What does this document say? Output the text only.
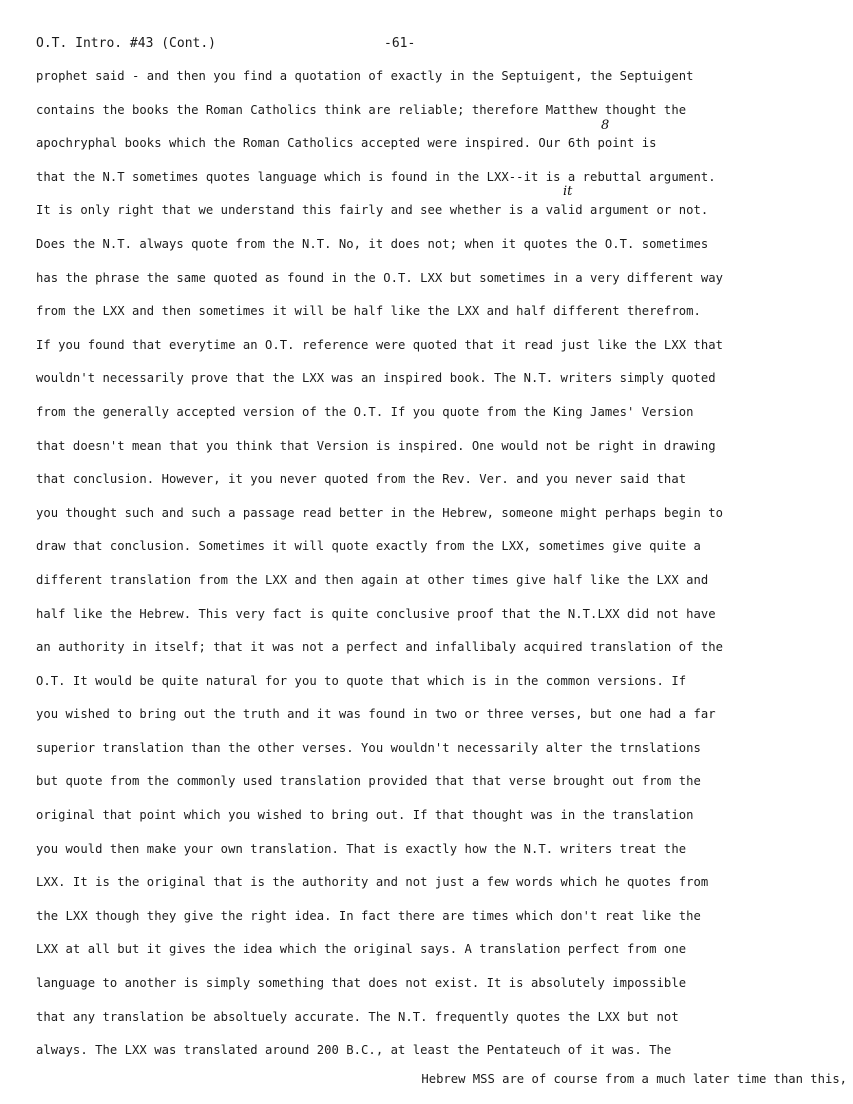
O.T. Intro. #43 (Cont.)	-61-
8
it
prophet said - and then you find a quotation of exactly in the Septuigent, the Septuigent
contains the books the Roman Catholics think are reliable; therefore Matthew thought the
apochryphal books which the Roman Catholics accepted were inspired. Our 6th point is
that the N.T sometimes quotes language which is found in the LXX--it is a rebuttal argument.
It is only right that we understand this fairly and see whether is a valid argument or not.
Does the N.T. always quote from the N.T. No, it does not; when it quotes the O.T. sometimes
has the phrase the same quoted as found in the O.T. LXX but sometimes in a very different way
from the LXX and then sometimes it will be half like the LXX and half different therefrom.
If you found that everytime an O.T. reference were quoted that it read just like the LXX that
wouldn't necessarily prove that the LXX was an inspired book. The N.T. writers simply quoted
from the generally accepted version of the O.T. If you quote from the King James' Version
that doesn't mean that you think that Version is inspired. One would not be right in drawing
that conclusion. However, it you never quoted from the Rev. Ver. and you never said that
you thought such and such a passage read better in the Hebrew, someone might perhaps begin to
draw that conclusion. Sometimes it will quote exactly from the LXX, sometimes give quite a
different translation from the LXX and then again at other times give half like the LXX and
half like the Hebrew. This very fact is quite conclusive proof that the N.T.LXX did not have
an authority in itself; that it was not a perfect and infallibaly acquired translation of the
O.T. It would be quite natural for you to quote that which is in the common versions. If
you wished to bring out the truth and it was found in two or three verses, but one had a far
superior translation than the other verses. You wouldn't necessarily alter the trnslations
but quote from the commonly used translation provided that that verse brought out from the
original that point which you wished to bring out. If that thought was in the translation
you would then make your own translation. That is exactly how the N.T. writers treat the
LXX. It is the original that is the authority and not just a few words which he quotes from
the LXX though they give the right idea. In fact there are times which don't reat like the
LXX at all but it gives the idea which the original says. A translation perfect from one
language to another is simply something that does not exist. It is absolutely impossible
that any translation be absoltuely accurate. The N.T. frequently quotes the LXX but not
always. The LXX was translated around 200 B.C., at least the Pentateuch of it was. The
Hebrew MSS are of course from a much later time than this,
